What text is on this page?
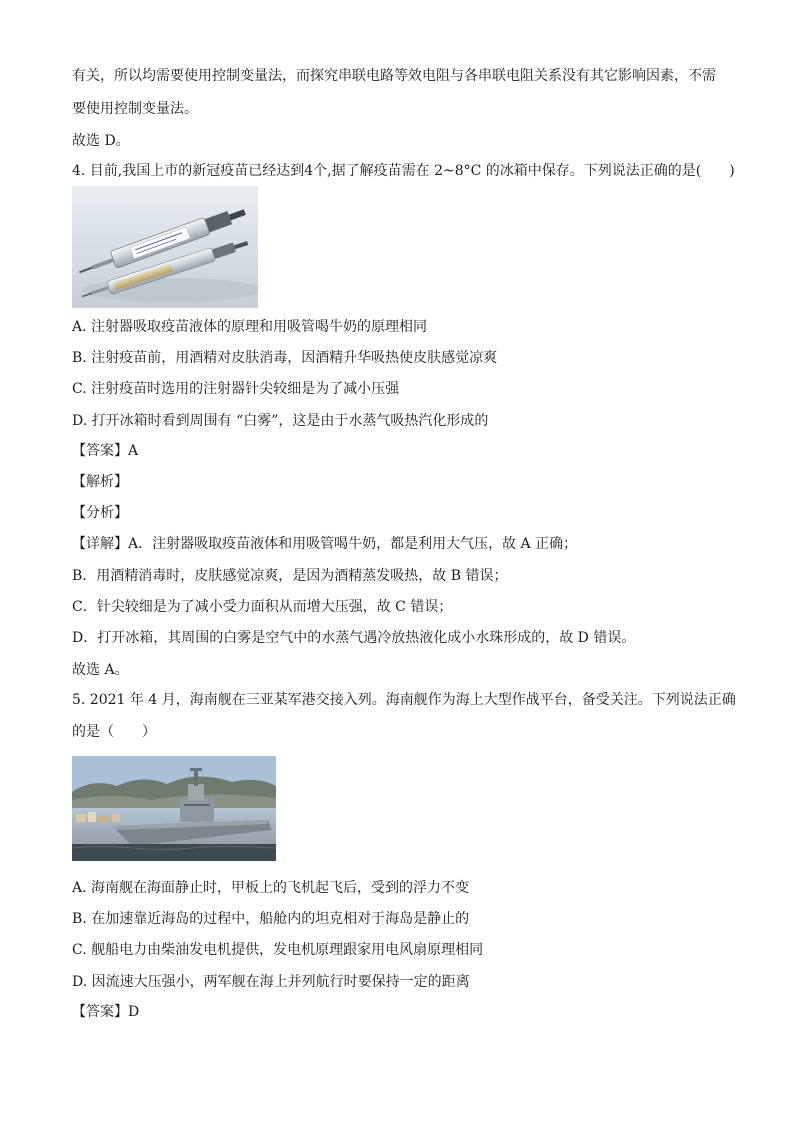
有关，所以均需要使用控制变量法，而探究串联电路等效电阻与各串联电阻关系没有其它影响因素，不需
要使用控制变量法。
故选 D。
4. 目前,我国上市的新冠疫苗已经达到4个,据了解疫苗需在 2~8°C 的冰箱中保存。下列说法正确的是(　　)
A. 注射器吸取疫苗液体的原理和用吸管喝牛奶的原理相同
B. 注射疫苗前，用酒精对皮肤消毒，因酒精升华吸热使皮肤感觉凉爽
C. 注射疫苗时选用的注射器针尖较细是为了减小压强
D. 打开冰箱时看到周围有 “白雾”，这是由于水蒸气吸热汽化形成的
【答案】A
【解析】
【分析】
【详解】A．注射器吸取疫苗液体和用吸管喝牛奶，都是利用大气压，故 A 正确；
B．用酒精消毒时，皮肤感觉凉爽，是因为酒精蒸发吸热，故 B 错误；
C．针尖较细是为了减小受力面积从而增大压强，故 C 错误；
D．打开冰箱，其周围的白雾是空气中的水蒸气遇冷放热液化成小水珠形成的，故 D 错误。
故选 A。
5. 2021 年 4 月，海南舰在三亚某军港交接入列。海南舰作为海上大型作战平台，备受关注。下列说法正确
的是（　　）
A. 海南舰在海面静止时，甲板上的飞机起飞后，受到的浮力不变
B. 在加速靠近海岛的过程中，船舱内的坦克相对于海岛是静止的
C. 舰船电力由柴油发电机提供，发电机原理跟家用电风扇原理相同
D. 因流速大压强小，两军舰在海上并列航行时要保持一定的距离
【答案】D
